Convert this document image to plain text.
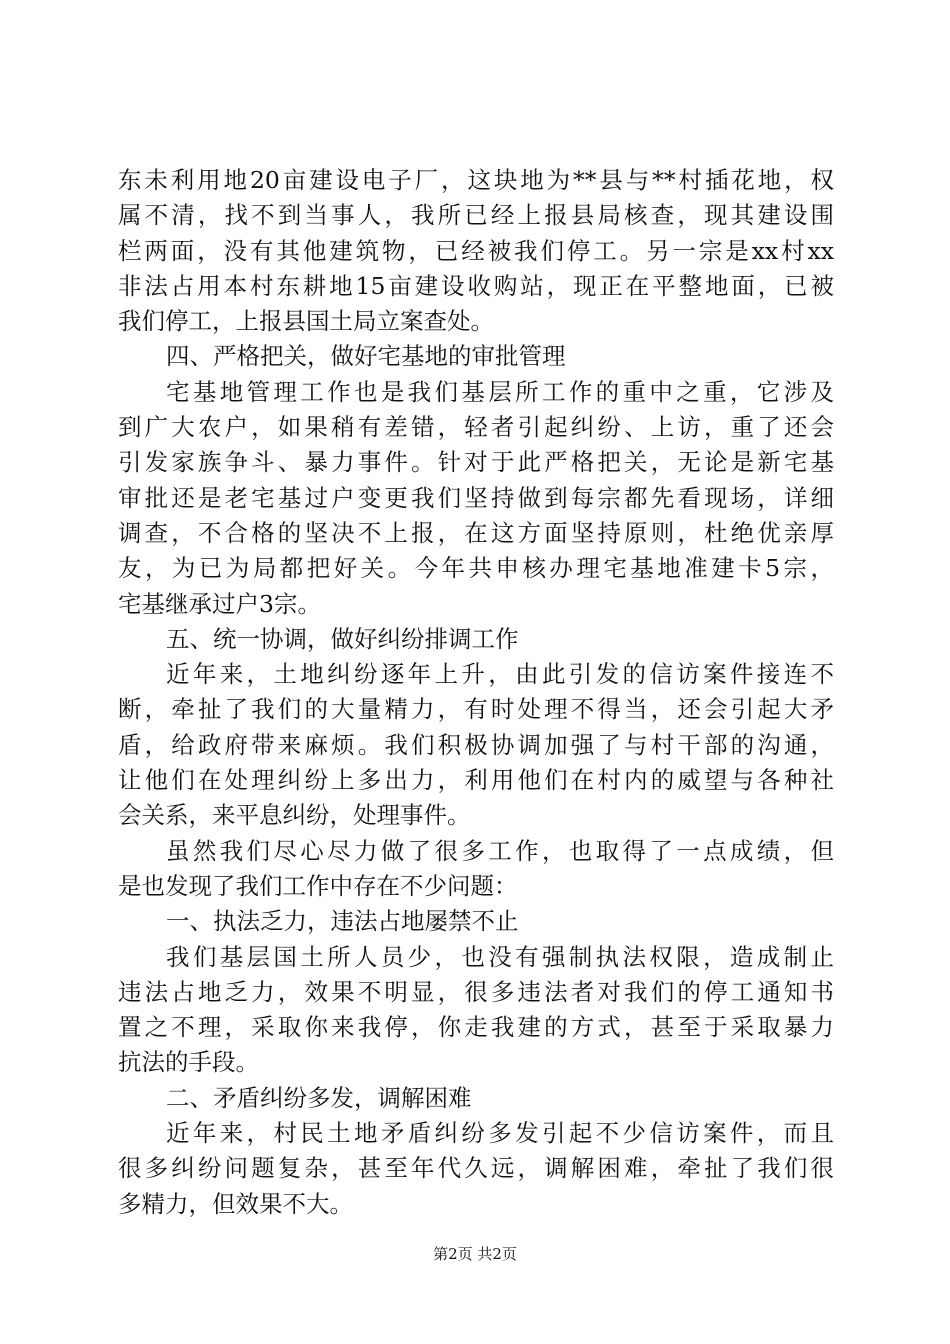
东未利用地20亩建设电子厂，这块地为**县与**村插花地，权
属不清，找不到当事人，我所已经上报县局核查，现其建设围
栏两面，没有其他建筑物，已经被我们停工。另一宗是xx村xx
非法占用本村东耕地15亩建设收购站，现正在平整地面，已被
我们停工，上报县国土局立案查处。
四、严格把关，做好宅基地的审批管理
宅基地管理工作也是我们基层所工作的重中之重，它涉及
到广大农户，如果稍有差错，轻者引起纠纷、上访，重了还会
引发家族争斗、暴力事件。针对于此严格把关，无论是新宅基
审批还是老宅基过户变更我们坚持做到每宗都先看现场，详细
调查，不合格的坚决不上报，在这方面坚持原则，杜绝优亲厚
友，为已为局都把好关。今年共申核办理宅基地准建卡5宗，
宅基继承过户3宗。
五、统一协调，做好纠纷排调工作
近年来，土地纠纷逐年上升，由此引发的信访案件接连不
断，牵扯了我们的大量精力，有时处理不得当，还会引起大矛
盾，给政府带来麻烦。我们积极协调加强了与村干部的沟通，
让他们在处理纠纷上多出力，利用他们在村内的威望与各种社
会关系，来平息纠纷，处理事件。
虽然我们尽心尽力做了很多工作，也取得了一点成绩，但
是也发现了我们工作中存在不少问题：
一、执法乏力，违法占地屡禁不止
我们基层国土所人员少，也没有强制执法权限，造成制止
违法占地乏力，效果不明显，很多违法者对我们的停工通知书
置之不理，采取你来我停，你走我建的方式，甚至于采取暴力
抗法的手段。
二、矛盾纠纷多发，调解困难
近年来，村民土地矛盾纠纷多发引起不少信访案件，而且
很多纠纷问题复杂，甚至年代久远，调解困难，牵扯了我们很
多精力，但效果不大。
第2页 共2页
